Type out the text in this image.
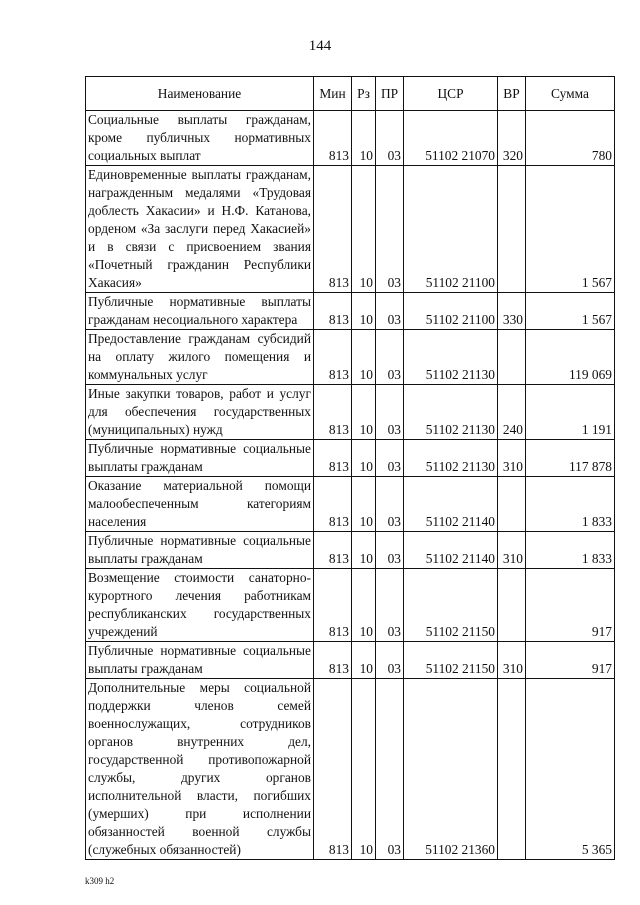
144
Наименование	Мин	Рз	ПР	ЦСР	ВР	Сумма
Социальные выплаты гражданам, кроме публичных нормативных социальных выплат	813	10	03	51102 21070	320	780
Единовременные выплаты гражданам, награжденным медалями «Трудовая доблесть Хакасии» и Н.Ф. Катанова, орденом «За заслуги перед Хакасией» и в связи с присвоением звания «Почетный гражданин Республики Хакасия»	813	10	03	51102 21100		1 567
Публичные нормативные выплаты гражданам несоциального характера	813	10	03	51102 21100	330	1 567
Предоставление гражданам субсидий на оплату жилого помещения и коммунальных услуг	813	10	03	51102 21130		119 069
Иные закупки товаров, работ и услуг для обеспечения государственных (муниципальных) нужд	813	10	03	51102 21130	240	1 191
Публичные нормативные социальные выплаты гражданам	813	10	03	51102 21130	310	117 878
Оказание материальной помощи малообеспеченным категориям населения	813	10	03	51102 21140		1 833
Публичные нормативные социальные выплаты гражданам	813	10	03	51102 21140	310	1 833
Возмещение стоимости санаторно-курортного лечения работникам республиканских государственных учреждений	813	10	03	51102 21150		917
Публичные нормативные социальные выплаты гражданам	813	10	03	51102 21150	310	917
Дополнительные меры социальной поддержки членов семей военнослужащих, сотрудников органов внутренних дел, государственной противопожарной службы, других органов исполнительной власти, погибших (умерших) при исполнении обязанностей военной службы (служебных обязанностей)	813	10	03	51102 21360		5 365
k309 h2
